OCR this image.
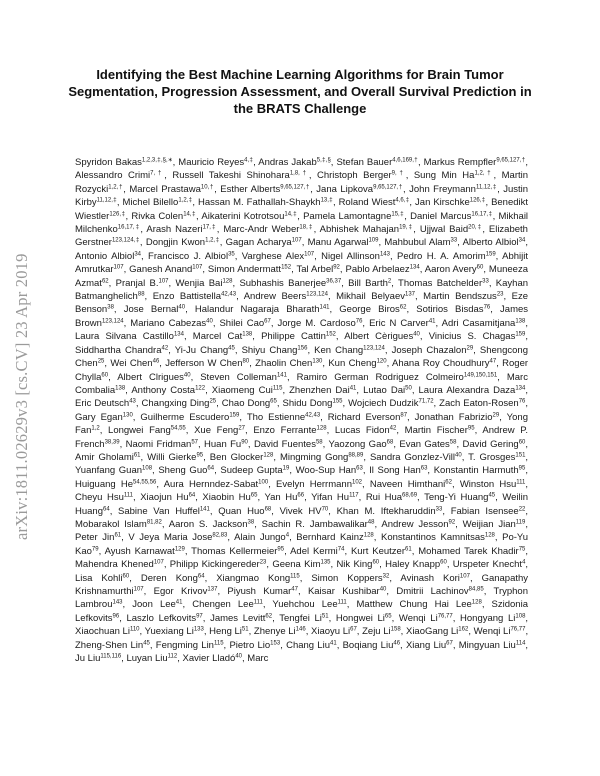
arXiv:1811.02629v3 [cs.CV] 23 Apr 2019
Identifying the Best Machine Learning Algorithms for Brain Tumor Segmentation, Progression Assessment, and Overall Survival Prediction in the BRATS Challenge

Spyridon Bakas$^{1,2,3,\ddagger,\S,∗}$, Mauricio Reyes$^{4,\ddagger}$, Andras Jakab$^{5,\ddagger,\S}$, Stefan Bauer$^{4,6,169,\dagger}$, Markus Rempfler$^{9,65,127,\dagger}$, Alessandro Crimi$^{7,\dagger}$, Russell Takeshi Shinohara$^{1,8,\dagger}$, Christoph Berger$^{9,\dagger}$, Sung Min $Ha^{1,2,\dagger}$, Martin Rozycki$^{1,2,\dagger}$, Marcel Prastawa$^{10,\dagger}$, Esther Alberts$^{9,65,127,\dagger}$, Jana Lipkova$^{9,65,127,\dagger}$, John Freymann$^{11,12,\ddagger}$, Justin Kirby$^{11,12,\ddagger}$, Michel Bilello$^{1,2,\ddagger}$, Hassan M. Fathallah-Shaykh$^{13,\ddagger}$, Roland Wiest$^{4,6,\ddagger}$, Jan Kirschke$^{126,\ddagger}$, Benedikt Wiestler$^{126,\ddagger}$, Rivka Colen$^{14,\ddagger}$, Aikaterini Kotrotsou$^{14,\ddagger}$, Pamela Lamontagne$^{15,\ddagger}$, Daniel Marcus$^{16,17,\ddagger}$, Mikhail Milchenko$^{16,17,\ddagger}$, Arash Nazeri$^{17,\ddagger}$, Marc-Andr Weber$^{18,\ddagger}$, Abhishek Mahajan$^{19,\ddagger}$, Ujjwal Baid$^{20,\ddagger}$, Elizabeth Gerstner$^{123,124,\ddagger}$, Dongjin Kwon$^{1,2,\ddagger}$, Gagan Acharya$^{107}$, Manu Agarwal$^{109}$, Mahbubul Alam$^{33}$, Alberto Albiol$^{34}$, Antonio Albiol$^{34}$, Francisco J. Albiol$^{35}$, Varghese Alex$^{107}$, Nigel Allinson$^{143}$, Pedro H. A. Amorim$^{159}$, Abhijit Amrutkar$^{107}$, Ganesh Anand$^{107}$, Simon Andermatt$^{152}$, Tal Arbel$^{92}$, Pablo Arbelaez$^{134}$, Aaron Avery$^{60}$, Muneeza Azmat$^{62}$, Pranjal B.$^{107}$, Wenjia Bai$^{128}$, Subhashis Banerjee$^{36,37}$, Bill Barth$^2$, Thomas Batchelder$^{33}$, Kayhan Batmanghelich$^{88}$, Enzo Battistella$^{42,43}$, Andrew Beers$^{123,124}$, Mikhail Belyaev$^{137}$, Martin Bendszus$^{23}$, Eze Benson$^{38}$, Jose Bernal$^{40}$, Halandur Nagaraja Bharath$^{141}$, George Biros$^{62}$, Sotirios Bisdas$^{76}$, James Brown$^{123,124}$, Mariano Cabezas$^{40}$, Shilei Cao$^{67}$, Jorge M. Cardoso$^{76}$, Eric N Carver$^{41}$, Adri Casamitjana$^{138}$, Laura Silvana Castillo$^{134}$, Marcel Cat$^{138}$, Philippe Cattin$^{152}$, Albert Cèrigues$^{40}$, Vinicius S. Chagas$^{159}$, Siddhartha Chandra$^{42}$, Yi-Ju Chang$^{45}$, Shiyu Chang$^{156}$, Ken Chang$^{123,124}$, Joseph Chazalon$^{29}$, Shengcong Chen$^{25}$, Wei Chen$^{46}$, Jefferson W Chen$^{80}$, Zhaolin Chen$^{130}$, Kun Cheng$^{120}$, Ahana Roy Choudhury$^{47}$, Roger Chylla$^{60}$, Albert Clrigues$^{40}$, Steven Colleman$^{141}$, Ramiro German Rodriguez Colmeiro$^{149,150,151}$, Marc Combalia$^{138}$, Anthony Costa$^{122}$, Xiaomeng Cui$^{115}$, Zhenzhen Dai$^{41}$, Lutao Dai$^{50}$, Laura Alexandra Daza$^{134}$, Eric Deutsch$^{43}$, Changxing Ding$^{25}$, Chao Dong$^{65}$, Shidu Dong$^{155}$, Wojciech Dudzik$^{71,72}$, Zach Eaton-Rosen$^{76}$, Gary Egan$^{130}$, Guilherme Escudero$^{159}$, Tho Estienne$^{42,43}$, Richard Everson$^{87}$, Jonathan Fabrizio$^{29}$, Yong Fan$^{1,2}$, Longwei Fang$^{54,55}$, Xue Feng$^{27}$, Enzo Ferrante$^{128}$, Lucas Fidon$^{42}$, Martin Fischer$^{95}$, Andrew P. French$^{38,39}$, Naomi Fridman$^{57}$, Huan Fu$^{90}$, David Fuentes$^{58}$, Yaozong Gao$^{68}$, Evan Gates$^{58}$, David Gering$^{60}$, Amir Gholami$^{61}$, Willi Gierke$^{95}$, Ben Glocker$^{128}$, Mingming Gong$^{88,89}$, Sandra Gonzlez-Vill$^{40}$, T. Grosges$^{151}$, Yuanfang Guan$^{108}$, Sheng Guo$^{64}$, Sudeep Gupta$^{19}$, Woo-Sup Han$^{63}$, Il Song Han$^{63}$, Konstantin Harmuth$^{95}$, Huiguang He$^{54,55,56}$, Aura Hernndez-Sabat$^{100}$, Evelyn Herrmann$^{102}$, Naveen Himthani$^{62}$, Winston Hsu$^{111}$, Cheyu Hsu$^{111}$, Xiaojun Hu$^{64}$, Xiaobin Hu$^{65}$, Yan Hu$^{66}$, Yifan Hu$^{117}$, Rui Hua$^{68,69}$, Teng-Yi Huang$^{45}$, Weilin Huang$^{64}$, Sabine Van Huffel$^{141}$, Quan Huo$^{68}$, Vivek HV$^{70}$, Khan M. Iftekharuddin$^{33}$, Fabian Isensee$^{22}$, Mobarakol Islam$^{81,82}$, Aaron S. Jackson$^{38}$, Sachin R. Jambawalikar$^{48}$, Andrew Jesson$^{92}$, Weijian Jian$^{119}$, Peter Jin$^{61}$, V Jeya Maria Jose$^{82,83}$, Alain Jungo$^4$, Bernhard Kainz$^{128}$, Konstantinos Kamnitsas$^{128}$, Po-Yu Kao$^{79}$, Ayush Karnawat$^{129}$, Thomas Kellermeier$^{95}$, Adel Kermi$^{74}$, Kurt Keutzer$^{61}$, Mohamed Tarek Khadir$^{75}$, Mahendra Khened$^{107}$, Philipp Kickingereder$^{23}$, Geena Kim$^{135}$, Nik King$^{60}$, Haley Knapp$^{60}$, Urspeter Knecht$^4$, Lisa Kohli$^{60}$, Deren Kong$^{64}$, Xiangmao Kong$^{115}$, Simon Koppers$^{32}$, Avinash Kori$^{107}$, Ganapathy Krishnamurthi$^{107}$, Egor Krivov$^{137}$, Piyush Kumar$^{47}$, Kaisar Kushibar$^{40}$, Dmitrii Lachinov$^{84,85}$, Tryphon Lambrou$^{143}$, Joon Lee$^{41}$, Chengen Lee$^{111}$, Yuehchou Lee$^{111}$, Matthew Chung Hai Lee$^{128}$, Szidonia Lefkovits$^{96}$, Laszlo Lefkovits$^{97}$, James Levitt$^{62}$, Tengfei Li$^{51}$, Hongwei Li$^{65}$, Wenqi Li$^{76,77}$, Hongyang Li$^{108}$, Xiaochuan Li$^{110}$, Yuexiang Li$^{133}$, Heng Li$^{51}$, Zhenye Li$^{146}$, Xiaoyu Li$^{67}$, Zeju Li$^{158}$, XiaoGang Li$^{162}$, Wenqi Li$^{76,77}$, Zheng-Shen Lin$^{45}$, Fengming Lin$^{115}$, Pietro Lio$^{153}$, Chang Liu$^{41}$, Boqiang Liu$^{46}$, Xiang Liu$^{67}$, Mingyuan Liu$^{114}$, Ju Liu$^{115,116}$, Luyan Liu$^{112}$, Xavier Lladó$^{40}$, Marc
